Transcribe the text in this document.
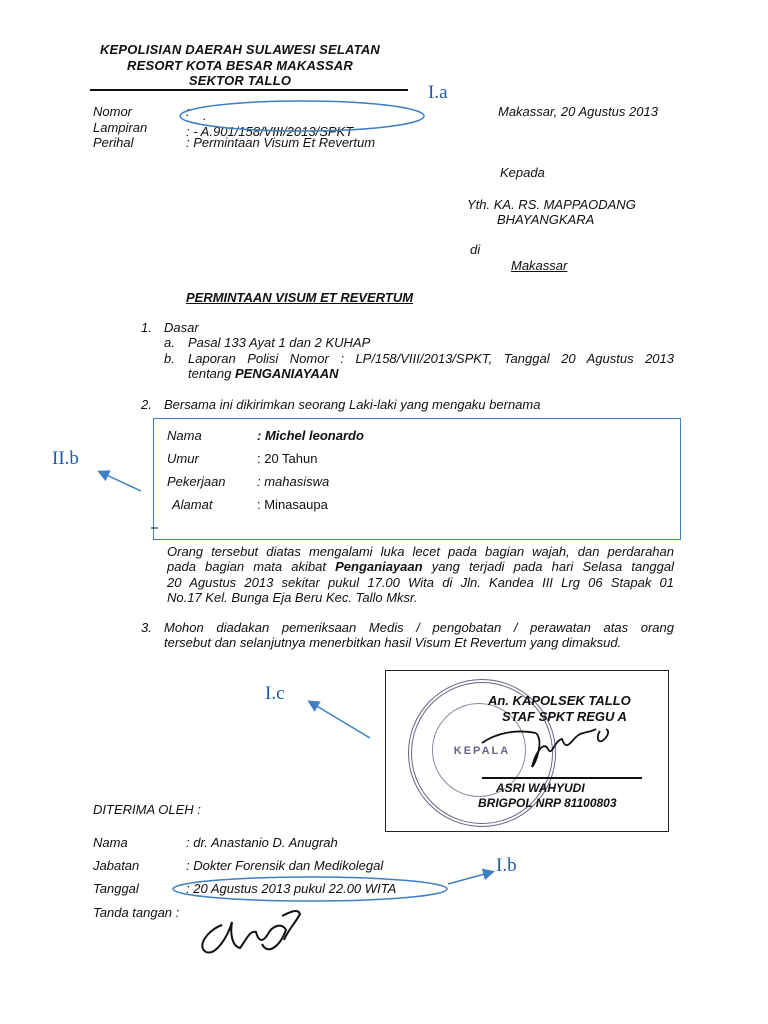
KEPOLISIAN DAERAH SULAWESI SELATAN
RESORT KOTA BESAR MAKASSAR
SEKTOR TALLO
Nomor	: .
Lampiran	: - A.901/158/VIII/2013/SPKT
Perihal	: Permintaan Visum Et Revertum
Makassar, 20 Agustus 2013
Kepada
Yth. KA. RS. MAPPAODANG
BHAYANGKARA
di
Makassar
PERMINTAAN VISUM ET REVERTUM
1. Dasar
a. Pasal 133 Ayat 1 dan 2 KUHAP
b. Laporan Polisi Nomor : LP/158/VIII/2013/SPKT, Tanggal 20 Agustus 2013
tentang PENGANIAYAAN
2. Bersama ini dikirimkan seorang Laki-laki yang mengaku bernama
Nama	: Michel leonardo
Umur	: 20 Tahun
Pekerjaan : mahasiswa
Alamat	: Minasaupa
Orang tersebut diatas mengalami luka lecet pada bagian wajah, dan perdarahan
pada bagian mata akibat Penganiayaan yang terjadi pada hari Selasa tanggal
20 Agustus 2013 sekitar pukul 17.00 Wita di Jln. Kandea III Lrg 06 Stapak 01
No.17 Kel. Bunga Eja Beru Kec. Tallo Mksr.
3. Mohon diadakan pemeriksaan Medis / pengobatan / perawatan atas orang
tersebut dan selanjutnya menerbitkan hasil Visum Et Revertum yang dimaksud.
KEPALA
An. KAPOLSEK TALLO
STAF SPKT REGU A
ASRI WAHYUDI
BRIGPOL NRP 81100803
DITERIMA OLEH :
Nama	: dr. Anastanio D. Anugrah
Jabatan	: Dokter Forensik dan Medikolegal
Tanggal	: 20 Agustus 2013 pukul 22.00 WITA
Tanda tangan :
I.a
II.b
I.c
I.b
